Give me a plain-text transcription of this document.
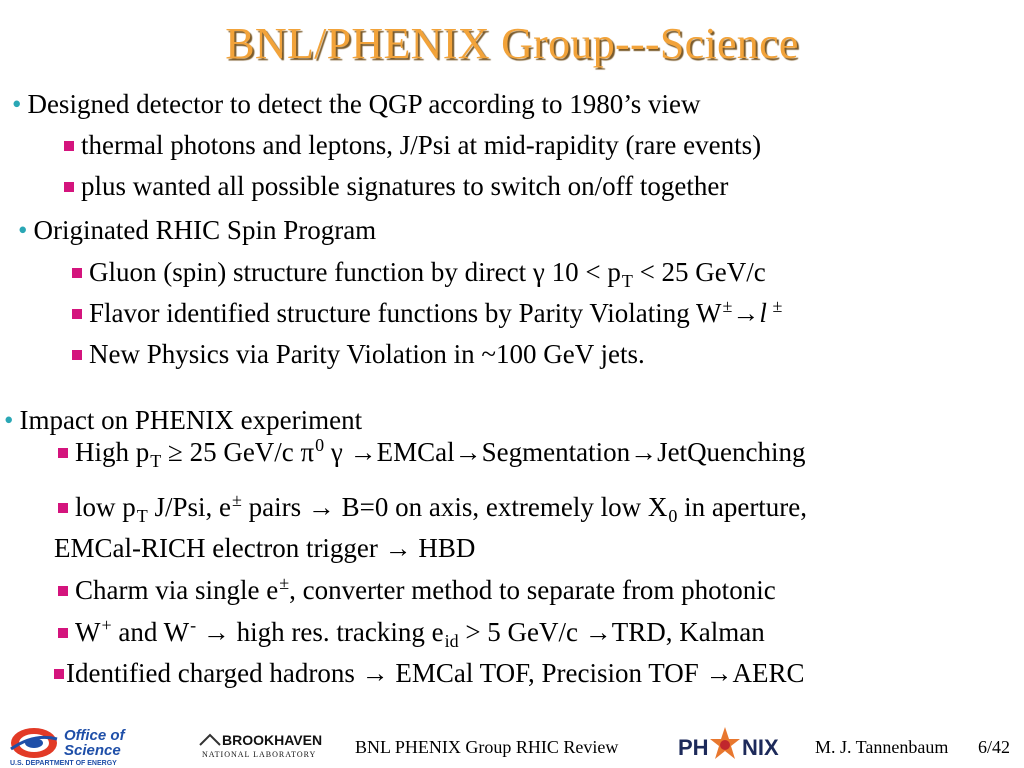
BNL/PHENIX Group---Science
• Designed detector to detect the QGP according to 1980’s view
thermal photons and leptons, J/Psi at mid-rapidity (rare events)
plus wanted all possible signatures to switch on/off together
• Originated RHIC Spin Program
Gluon (spin) structure function by direct γ $10 < p_T < 25$ GeV/c
Flavor identified structure functions by Parity Violating W±→l ±
New Physics via Parity Violation in ~100 GeV jets.
• Impact on PHENIX experiment
High $p_T \ge 25$ GeV/c $\pi^0$ γ →EMCal→Segmentation→JetQuenching
low $p_T$ J/Psi, e± pairs → B=0 on axis, extremely low $X_0$ in aperture,
EMCal-RICH electron trigger → HBD
Charm via single e±, converter method to separate from photonic
W+ and W- → high res. tracking $e_{id} > 5$ GeV/c →TRD, Kalman
Identified charged hadrons → EMCal TOF, Precision TOF →AERC
Office of
Science
U.S. DEPARTMENT OF ENERGY
BROOKHAVEN
NATIONAL LABORATORY BNL PHENIX Group RHIC Review	PH NIX M. J. Tannenbaum 6/42
